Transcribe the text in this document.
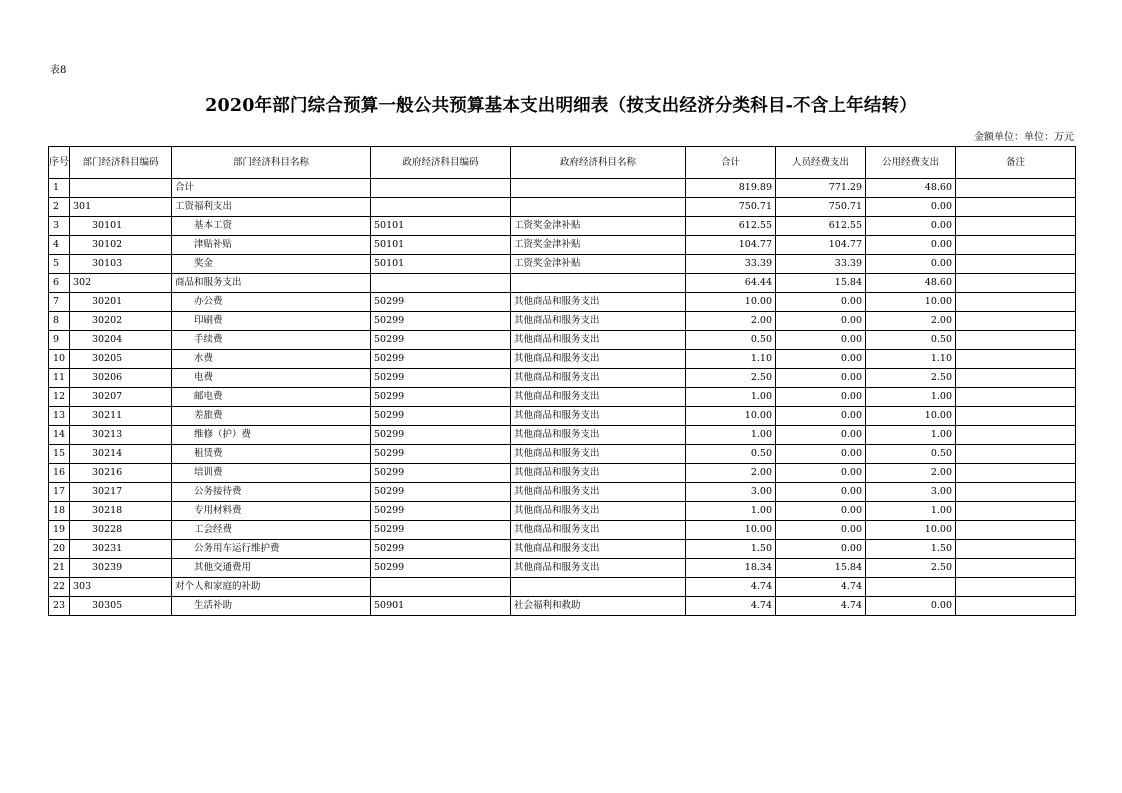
表8
2020年部门综合预算一般公共预算基本支出明细表（按支出经济分类科目-不含上年结转）
金额单位：单位：万元
序号	部门经济科目编码	部门经济科目名称	政府经济科目编码	政府经济科目名称	合计	人员经费支出	公用经费支出	备注
1		合计			819.89	771.29	48.60	
2	301	工资福利支出			750.71	750.71	0.00	
3	30101	基本工资	50101	工资奖金津补贴	612.55	612.55	0.00	
4	30102	津贴补贴	50101	工资奖金津补贴	104.77	104.77	0.00	
5	30103	奖金	50101	工资奖金津补贴	33.39	33.39	0.00	
6	302	商品和服务支出			64.44	15.84	48.60	
7	30201	办公费	50299	其他商品和服务支出	10.00	0.00	10.00	
8	30202	印刷费	50299	其他商品和服务支出	2.00	0.00	2.00	
9	30204	手续费	50299	其他商品和服务支出	0.50	0.00	0.50	
10	30205	水费	50299	其他商品和服务支出	1.10	0.00	1.10	
11	30206	电费	50299	其他商品和服务支出	2.50	0.00	2.50	
12	30207	邮电费	50299	其他商品和服务支出	1.00	0.00	1.00	
13	30211	差旅费	50299	其他商品和服务支出	10.00	0.00	10.00	
14	30213	维修（护）费	50299	其他商品和服务支出	1.00	0.00	1.00	
15	30214	租赁费	50299	其他商品和服务支出	0.50	0.00	0.50	
16	30216	培训费	50299	其他商品和服务支出	2.00	0.00	2.00	
17	30217	公务接待费	50299	其他商品和服务支出	3.00	0.00	3.00	
18	30218	专用材料费	50299	其他商品和服务支出	1.00	0.00	1.00	
19	30228	工会经费	50299	其他商品和服务支出	10.00	0.00	10.00	
20	30231	公务用车运行维护费	50299	其他商品和服务支出	1.50	0.00	1.50	
21	30239	其他交通费用	50299	其他商品和服务支出	18.34	15.84	2.50	
22	303	对个人和家庭的补助			4.74	4.74		
23	30305	生活补助	50901	社会福利和救助	4.74	4.74	0.00	
